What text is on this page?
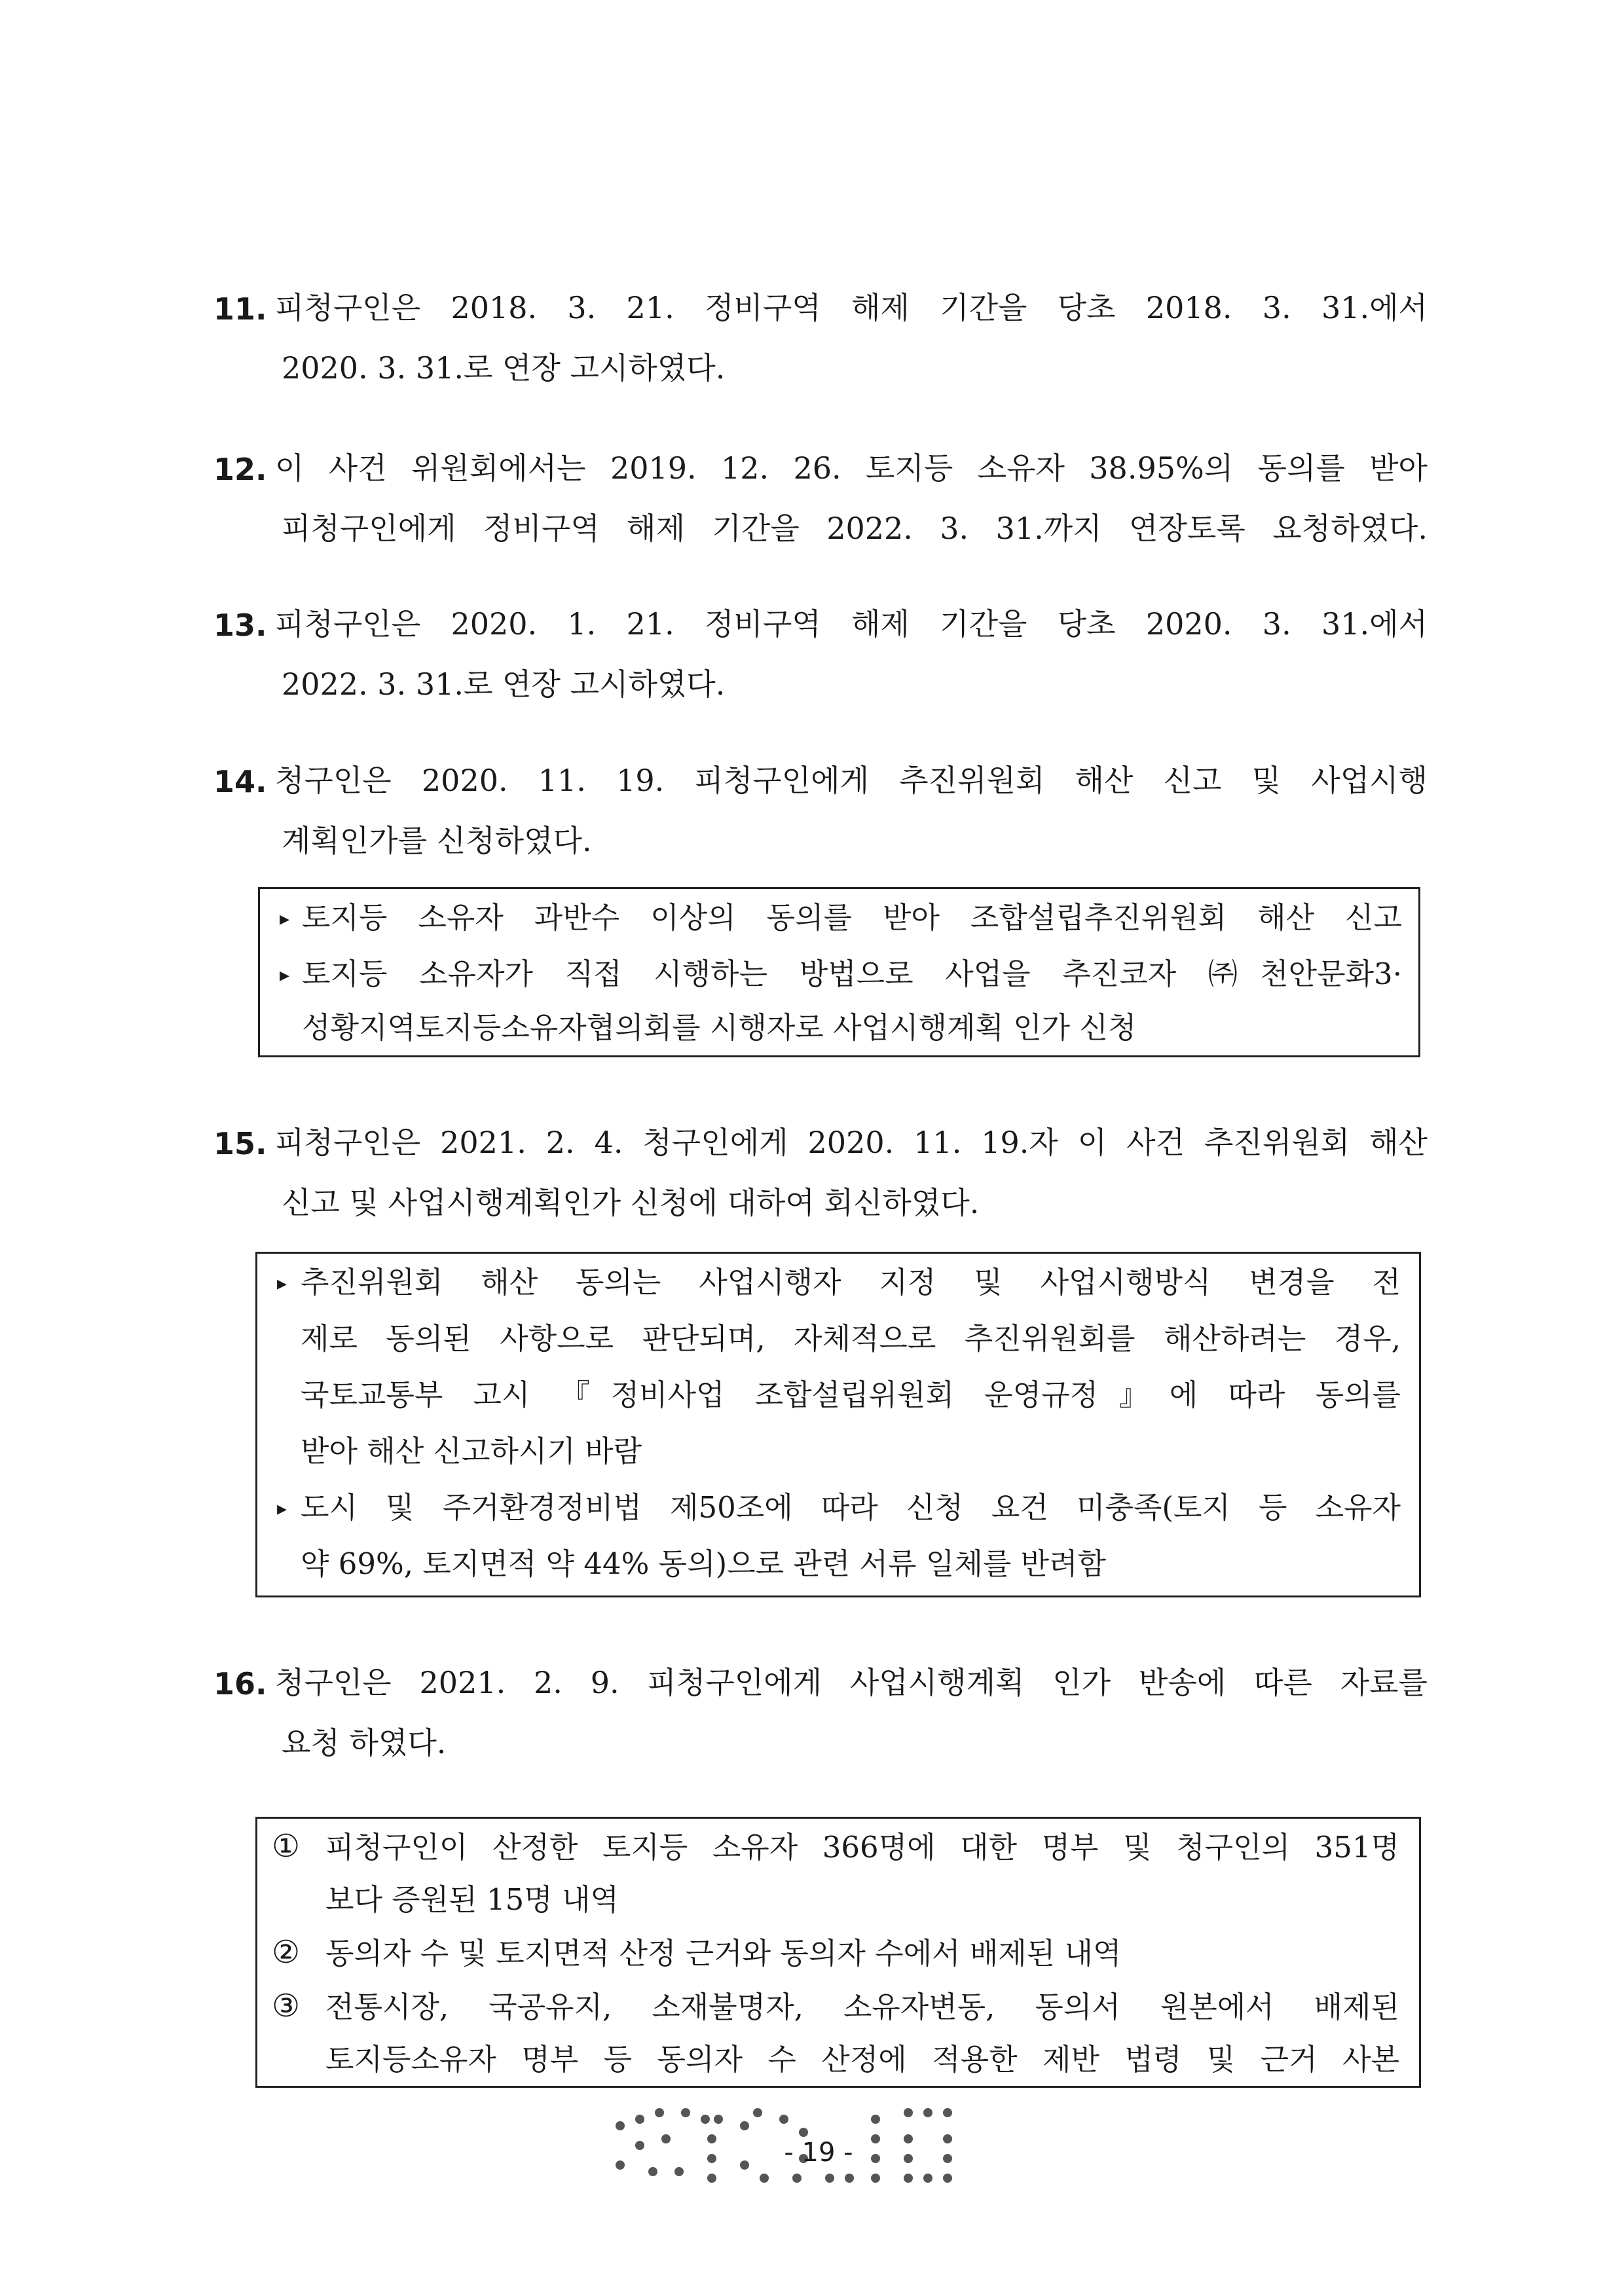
11. 피청구인은 2018. 3. 21. 정비구역 해제 기간을 당초 2018. 3. 31.에서
2020. 3. 31.로 연장 고시하였다.
12. 이 사건 위원회에서는 2019. 12. 26. 토지등 소유자 38.95%의 동의를 받아
피청구인에게 정비구역 해제 기간을 2022. 3. 31.까지 연장토록 요청하였다.
13. 피청구인은 2020. 1. 21. 정비구역 해제 기간을 당초 2020. 3. 31.에서
2022. 3. 31.로 연장 고시하였다.
14. 청구인은 2020. 11. 19. 피청구인에게 추진위원회 해산 신고 및 사업시행
계획인가를 신청하였다.
▸ 토지등 소유자 과반수 이상의 동의를 받아 조합설립추진위원회 해산 신고
▸ 토지등 소유자가 직접 시행하는 방법으로 사업을 추진코자 ㈜천안문화3·
성황지역토지등소유자협의회를 시행자로 사업시행계획 인가 신청
15. 피청구인은 2021. 2. 4. 청구인에게 2020. 11. 19.자 이 사건 추진위원회 해산
신고 및 사업시행계획인가 신청에 대하여 회신하였다.
▸ 추진위원회 해산 동의는 사업시행자 지정 및 사업시행방식 변경을 전
제로 동의된 사항으로 판단되며, 자체적으로 추진위원회를 해산하려는 경우,
국토교통부 고시 『정비사업 조합설립위원회 운영규정』에 따라 동의를
받아 해산 신고하시기 바람
▸ 도시 및 주거환경정비법 제50조에 따라 신청 요건 미충족(토지 등 소유자
약 69%, 토지면적 약 44% 동의)으로 관련 서류 일체를 반려함
16. 청구인은 2021. 2. 9. 피청구인에게 사업시행계획 인가 반송에 따른 자료를
요청 하였다.
① 피청구인이 산정한 토지등 소유자 366명에 대한 명부 및 청구인의 351명
보다 증원된 15명 내역
② 동의자 수 및 토지면적 산정 근거와 동의자 수에서 배제된 내역
③ 전통시장, 국공유지, 소재불명자, 소유자변동, 동의서 원본에서 배제된
토지등소유자 명부 등 동의자 수 산정에 적용한 제반 법령 및 근거 사본
- 19 -
